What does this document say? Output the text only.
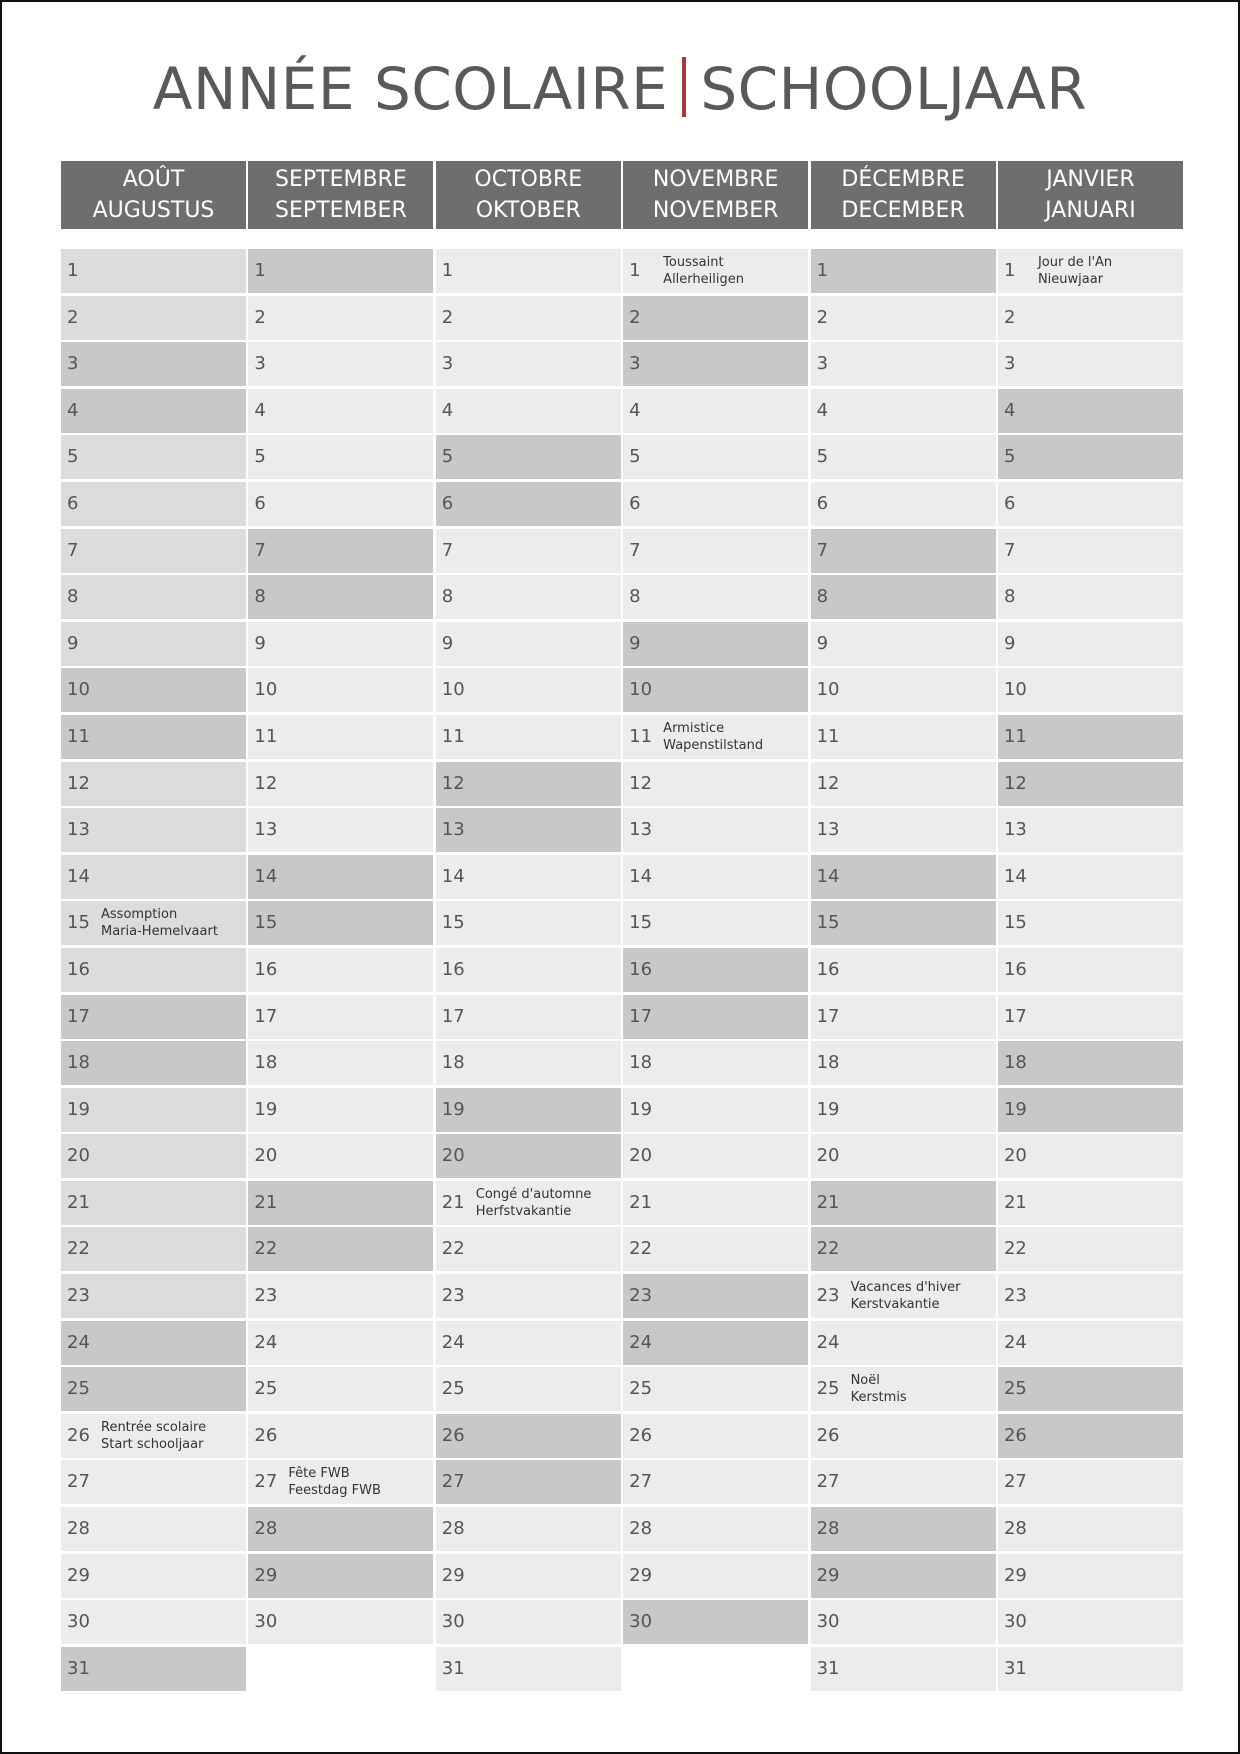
ANNÉE SCOLAIRE SCHOOLJAAR
AOÛT
AUGUSTUS
1
2
3
4
5
6
7
8
9
10
11
12
13
14
15 Assomption
Maria-Hemelvaart
16
17
18
19
20
21
22
23
24
25
26 Rentrée scolaire
Start schooljaar
27
28
29
30
31
SEPTEMBRE
SEPTEMBER
1
2
3
4
5
6
7
8
9
10
11
12
13
14
15
16
17
18
19
20
21
22
23
24
25
26
27 Fête FWB
Feestdag FWB
28
29
30
OCTOBRE
OKTOBER
1
2
3
4
5
6
7
8
9
10
11
12
13
14
15
16
17
18
19
20
21 Congé d'automne
Herfstvakantie
22
23
24
25
26
27
28
29
30
31
NOVEMBRE
NOVEMBER
1 Toussaint
Allerheiligen
2
3
4
5
6
7
8
9
10
11 Armistice
Wapenstilstand
12
13
14
15
16
17
18
19
20
21
22
23
24
25
26
27
28
29
30
DÉCEMBRE
DECEMBER
1
2
3
4
5
6
7
8
9
10
11
12
13
14
15
16
17
18
19
20
21
22
23 Vacances d'hiver
Kerstvakantie
24
25 Noël
Kerstmis
26
27
28
29
30
31
JANVIER
JANUARI
1 Jour de l'An
Nieuwjaar
2
3
4
5
6
7
8
9
10
11
12
13
14
15
16
17
18
19
20
21
22
23
24
25
26
27
28
29
30
31
